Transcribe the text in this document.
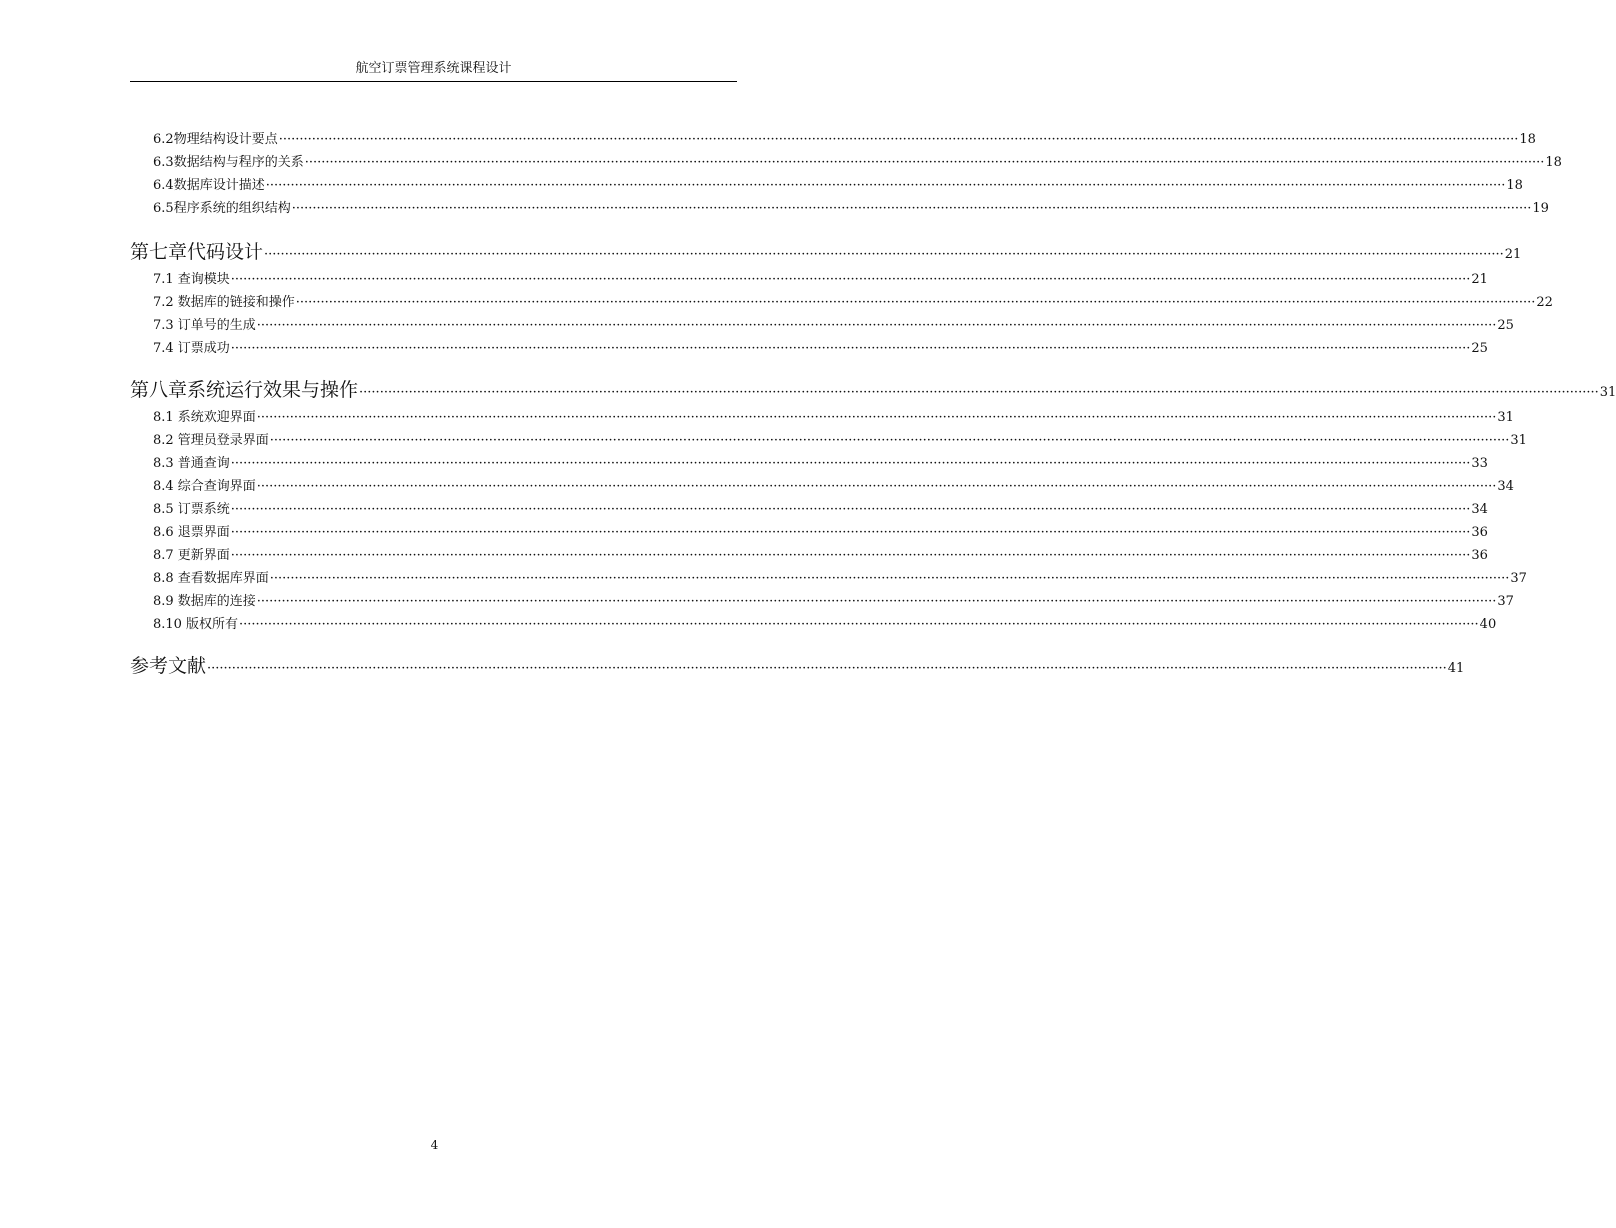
航空订票管理系统课程设计
6.2 物理结构设计要点 ············································································································································································································································································································ 18
6.3 数据结构与程序的关系 ············································································································································································································································································································ 18
6.4 数据库设计描述 ············································································································································································································································································································ 18
6.5 程序系统的组织结构 ············································································································································································································································································································ 19
第七章 代码设计 ············································································································································································································································································································ 21
7.1 查询模块 ············································································································································································································································································································ 21
7.2 数据库的链接和操作 ············································································································································································································································································································ 22
7.3 订单号的生成 ············································································································································································································································································································ 25
7.4 订票成功 ············································································································································································································································································································ 25
第八章 系统运行效果与操作 ············································································································································································································································································································ 31
8.1 系统欢迎界面 ············································································································································································································································································································ 31
8.2 管理员登录界面 ············································································································································································································································································································ 31
8.3 普通查询 ············································································································································································································································································································ 33
8.4 综合查询界面 ············································································································································································································································································································ 34
8.5 订票系统 ············································································································································································································································································································ 34
8.6 退票界面 ············································································································································································································································································································ 36
8.7 更新界面 ············································································································································································································································································································ 36
8.8 查看数据库界面 ············································································································································································································································································································ 37
8.9 数据库的连接 ············································································································································································································································································································ 37
8.10 版权所有 ············································································································································································································································································································ 40
参考文献 ············································································································································································································································································································ 41
4
